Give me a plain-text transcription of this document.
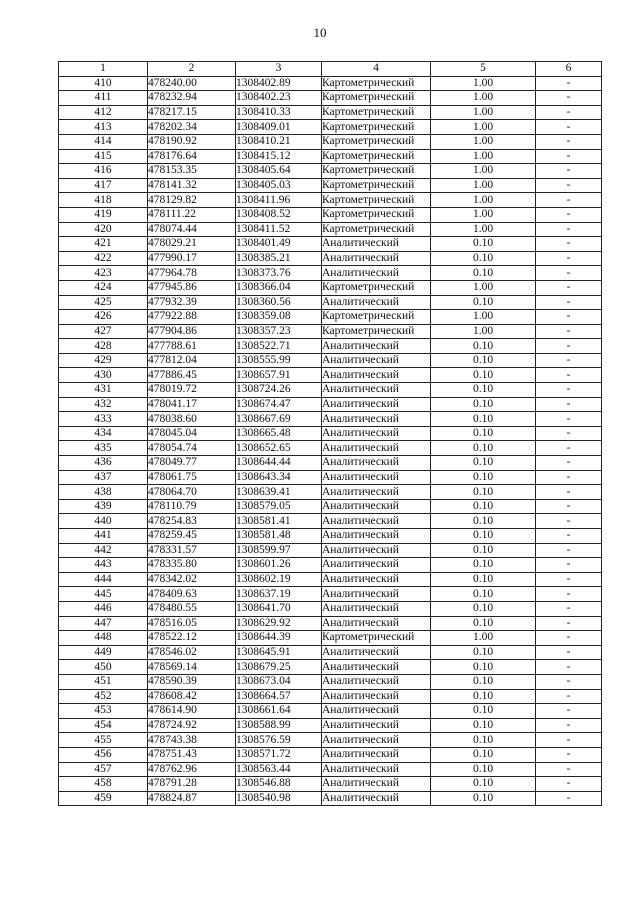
10
1	2	3	4	5	6
410	478240.00	1308402.89	Картометрический	1.00	-
411	478232.94	1308402.23	Картометрический	1.00	-
412	478217.15	1308410.33	Картометрический	1.00	-
413	478202.34	1308409.01	Картометрический	1.00	-
414	478190.92	1308410.21	Картометрический	1.00	-
415	478176.64	1308415.12	Картометрический	1.00	-
416	478153.35	1308405.64	Картометрический	1.00	-
417	478141.32	1308405.03	Картометрический	1.00	-
418	478129.82	1308411.96	Картометрический	1.00	-
419	478111.22	1308408.52	Картометрический	1.00	-
420	478074.44	1308411.52	Картометрический	1.00	-
421	478029.21	1308401.49	Аналитический	0.10	-
422	477990.17	1308385.21	Аналитический	0.10	-
423	477964.78	1308373.76	Аналитический	0.10	-
424	477945.86	1308366.04	Картометрический	1.00	-
425	477932.39	1308360.56	Аналитический	0.10	-
426	477922.88	1308359.08	Картометрический	1.00	-
427	477904.86	1308357.23	Картометрический	1.00	-
428	477788.61	1308522.71	Аналитический	0.10	-
429	477812.04	1308555.99	Аналитический	0.10	-
430	477886.45	1308657.91	Аналитический	0.10	-
431	478019.72	1308724.26	Аналитический	0.10	-
432	478041.17	1308674.47	Аналитический	0.10	-
433	478038.60	1308667.69	Аналитический	0.10	-
434	478045.04	1308665.48	Аналитический	0.10	-
435	478054.74	1308652.65	Аналитический	0.10	-
436	478049.77	1308644.44	Аналитический	0.10	-
437	478061.75	1308643.34	Аналитический	0.10	-
438	478064.70	1308639.41	Аналитический	0.10	-
439	478110.79	1308579.05	Аналитический	0.10	-
440	478254.83	1308581.41	Аналитический	0.10	-
441	478259.45	1308581.48	Аналитический	0.10	-
442	478331.57	1308599.97	Аналитический	0.10	-
443	478335.80	1308601.26	Аналитический	0.10	-
444	478342.02	1308602.19	Аналитический	0.10	-
445	478409.63	1308637.19	Аналитический	0.10	-
446	478480.55	1308641.70	Аналитический	0.10	-
447	478516.05	1308629.92	Аналитический	0.10	-
448	478522.12	1308644.39	Картометрический	1.00	-
449	478546.02	1308645.91	Аналитический	0.10	-
450	478569.14	1308679.25	Аналитический	0.10	-
451	478590.39	1308673.04	Аналитический	0.10	-
452	478608.42	1308664.57	Аналитический	0.10	-
453	478614.90	1308661.64	Аналитический	0.10	-
454	478724.92	1308588.99	Аналитический	0.10	-
455	478743.38	1308576.59	Аналитический	0.10	-
456	478751.43	1308571.72	Аналитический	0.10	-
457	478762.96	1308563.44	Аналитический	0.10	-
458	478791.28	1308546.88	Аналитический	0.10	-
459	478824.87	1308540.98	Аналитический	0.10	-
